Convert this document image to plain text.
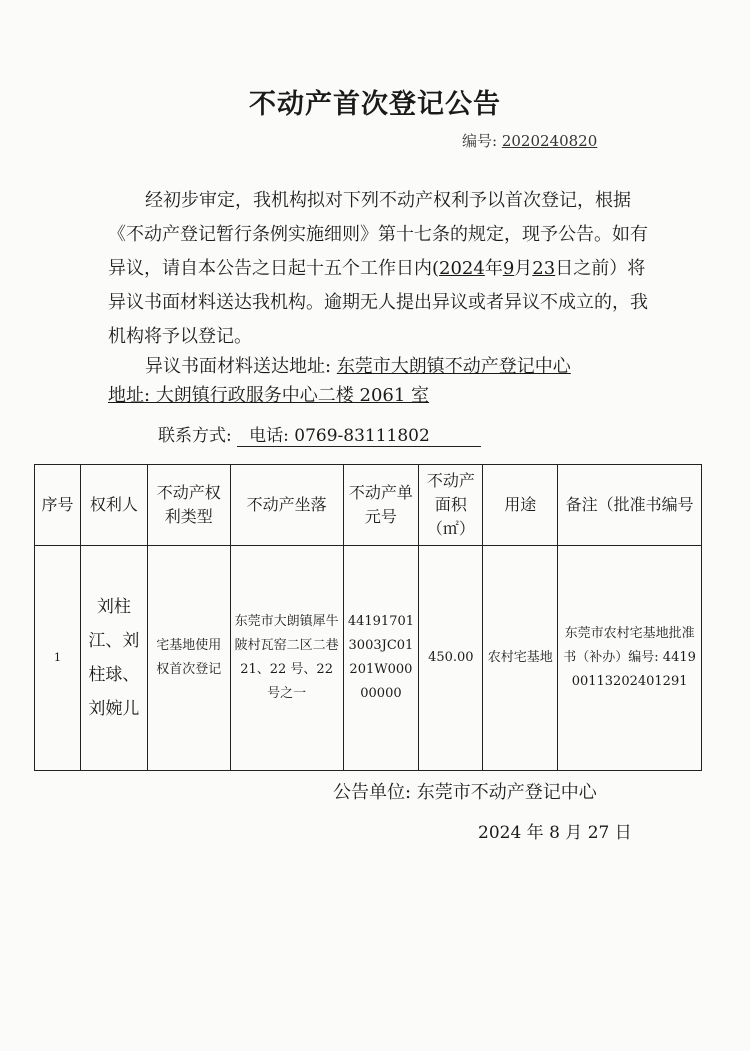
不动产首次登记公告
编号: 2020240820
经初步审定，我机构拟对下列不动产权利予以首次登记，根据《不动产登记暂行条例实施细则》第十七条的规定，现予公告。如有异议，请自本公告之日起十五个工作日内(2024年9月23日之前）将异议书面材料送达我机构。逾期无人提出异议或者异议不成立的，我机构将予以登记。
异议书面材料送达地址: 东莞市大朗镇不动产登记中心
地址: 大朗镇行政服务中心二楼 2061 室
联系方式: 电话: 0769-83111802
序号	权利人	不动产权利类型	不动产坐落	不动产单元号	不动产面积（㎡）	用途	备注（批准书编号
1	刘柱江、刘柱球、刘婉儿	宅基地使用权首次登记	东莞市大朗镇犀牛陂村瓦窑二区二巷 21、22 号、22 号之一	441917013003JC01201W00000000	450.00	农村宅基地	东莞市农村宅基地批准书（补办）编号: 441900113202401291
公告单位: 东莞市不动产登记中心
2024 年 8 月 27 日
